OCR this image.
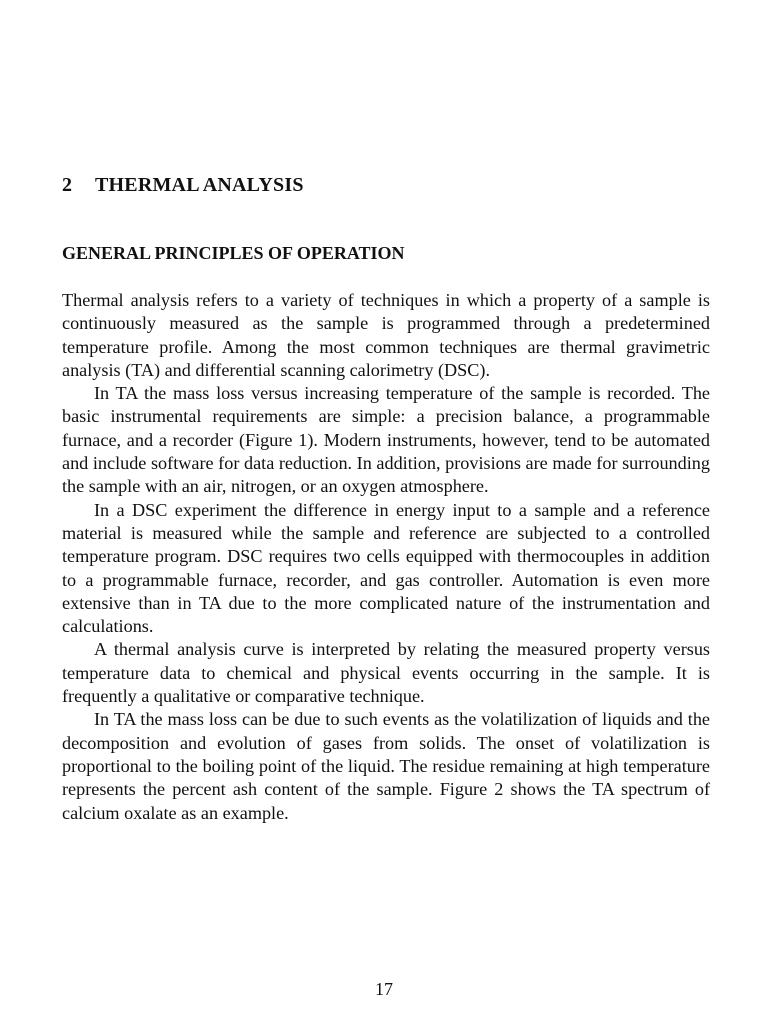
2 THERMAL ANALYSIS
GENERAL PRINCIPLES OF OPERATION

Thermal analysis refers to a variety of techniques in which a property of a sample is continuously measured as the sample is programmed through a predetermined temperature profile. Among the most common techniques are thermal gravimetric analysis (TA) and differential scanning calorimetry (DSC).

In TA the mass loss versus increasing temperature of the sample is recorded. The basic instrumental requirements are simple: a precision balance, a programmable furnace, and a recorder (Figure 1). Modern instruments, however, tend to be automated and include software for data reduction. In addition, provisions are made for surrounding the sample with an air, nitrogen, or an oxygen atmosphere.

In a DSC experiment the difference in energy input to a sample and a reference material is measured while the sample and reference are subjected to a controlled temperature program. DSC requires two cells equipped with thermocouples in addition to a programmable furnace, recorder, and gas controller. Automation is even more extensive than in TA due to the more complicated nature of the instrumentation and calculations.

A thermal analysis curve is interpreted by relating the measured property versus temperature data to chemical and physical events occurring in the sample. It is frequently a qualitative or comparative technique.

In TA the mass loss can be due to such events as the volatilization of liquids and the decomposition and evolution of gases from solids. The onset of volatilization is proportional to the boiling point of the liquid. The residue remaining at high temperature represents the percent ash content of the sample. Figure 2 shows the TA spectrum of calcium oxalate as an example.

17
